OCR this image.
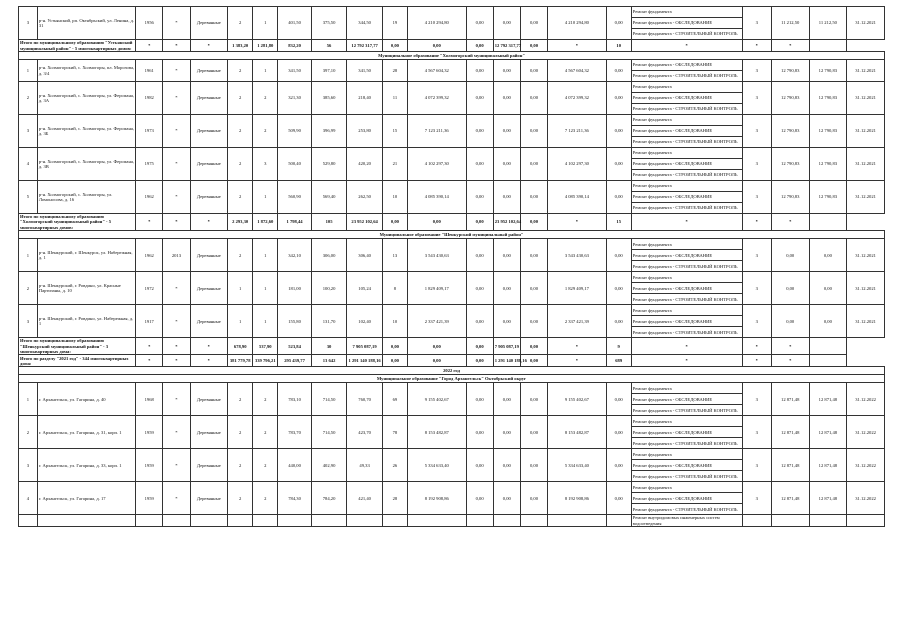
3	р-н. Устьянский, рп. Октябрьский, ул. Ленина, д. 31	1956	*	Деревянные	2	1	401,50	375,50	344,50	19	4 210 294,80	0,00	0,00	0,00	4 210 294,80	0,00	Ремонт фундамента	3	11 212,50	11 212,50	31.12.2021
																	Ремонт фундамента - ОБСЛЕДОВАНИЕ				
																	Ремонт фундамента - СТРОИТЕЛЬНЫЙ КОНТРОЛЬ				
Итого по муниципальному образованию "Устьянский муниципальный район" - 5 многоквартирных домов:		*	*	*	1 383,20	1 281,80	832,20	56	12 792 317,77	0,00	0,00	0,00	12 792 317,77	0,00	*	10	*	*	*		
Муниципальное образование "Холмогорский муниципальный район"																					
1	р-н. Холмогорский, с. Холмогоры, пл. Морозова, д. 3/4	1961	*	Деревянные	2	1	341,50	397,10	341,50	28	4 567 604,32	0,00	0,00	0,00	4 567 604,32	0,00	Ремонт фундамента - ОБСЛЕДОВАНИЕ	3	12 790,83	12 790,83	31.12.2021
																	Ремонт фундамента - СТРОИТЕЛЬНЫЙ КОНТРОЛЬ				
2	р-н. Холмогорский, с. Холмогоры, ул. Ферсмана, д. 3А	1982	*	Деревянные	2	2	321,30	385,60	218,40	11	4 072 399,32	0,00	0,00	0,00	4 072 399,32	0,00	Ремонт фундамента	3	12 790,83	12 790,83	31.12.2021
																	Ремонт фундамента - ОБСЛЕДОВАНИЕ				
																	Ремонт фундамента - СТРОИТЕЛЬНЫЙ КОНТРОЛЬ				
3	р-н. Холмогорский, с. Холмогоры, ул. Ферсмана, д. 3Б	1973	*	Деревянные	2	2	509,90	396,99	253,80	15	7 123 211,36	0,00	0,00	0,00	7 123 211,36	0,00	Ремонт фундамента	3	12 790,83	12 790,83	31.12.2021
																	Ремонт фундамента - ОБСЛЕДОВАНИЕ				
																	Ремонт фундамента - СТРОИТЕЛЬНЫЙ КОНТРОЛЬ				
4	р-н. Холмогорский, с. Холмогоры, ул. Ферсмана, д. 3В	1975	*	Деревянные	2	3	500,40	529,80	420,20	21	4 102 297,30	0,00	0,00	0,00	4 102 297,30	0,00	Ремонт фундамента	3	12 790,83	12 790,83	31.12.2021
																	Ремонт фундамента - ОБСЛЕДОВАНИЕ				
																	Ремонт фундамента - СТРОИТЕЛЬНЫЙ КОНТРОЛЬ				
5	р-н. Холмогорский, с. Холмогоры, ул. Ломоносова, д. 16	1962	*	Деревянные	2	1	560,90	569,40	262,50	10	4 085 390,14	0,00	0,00	0,00	4 085 390,14	0,00	Ремонт фундамента	3	12 790,83	12 790,83	31.12.2021
																	Ремонт фундамента - ОБСЛЕДОВАНИЕ				
																	Ремонт фундамента - СТРОИТЕЛЬНЫЙ КОНТРОЛЬ				
Итого по муниципальному образованию "Холмогорский муниципальный район" - 5 многоквартирных домов:		*	*	*	2 293,30	1 872,60	1 798,44	105	23 952 102,64	0,00	0,00	0,00	23 952 102,64	0,00	*	15	*	*	*		
Муниципальное образование "Шенкурский муниципальный район"																					
1	р-н. Шенкурский, г. Шенкурск, ул. Набережная, д. 1	1962	2013	Деревянные	2	1	342,10	306,00	306,40	13	3 543 430,63	0,00	0,00	0,00	3 543 430,63	0,00	Ремонт фундамента	3	0,00	0,00	31.12.2021
																	Ремонт фундамента - ОБСЛЕДОВАНИЕ				
																	Ремонт фундамента - СТРОИТЕЛЬНЫЙ КОНТРОЛЬ				
2	р-н. Шенкурский, г. Ровдино, ул. Красные Партизаны, д. 10	1972	*	Деревянные	1	1	181,00	100,20	105,24	8	1 829 409,17	0,00	0,00	0,00	1 829 409,17	0,00	Ремонт фундамента	3	0,00	0,00	31.12.2021
																	Ремонт фундамента - ОБСЛЕДОВАНИЕ				
																	Ремонт фундамента - СТРОИТЕЛЬНЫЙ КОНТРОЛЬ				
3	р-н. Шенкурский, г. Ровдино, ул. Набережная, д. 1	1917	*	Деревянные	1	1	155,80	131,70	102,40	10	2 337 421,39	0,00	0,00	0,00	2 337 421,39	0,00	Ремонт фундамента	3	0,00	0,00	31.12.2021
																	Ремонт фундамента - ОБСЛЕДОВАНИЕ				
																	Ремонт фундамента - СТРОИТЕЛЬНЫЙ КОНТРОЛЬ				
Итого по муниципальному образованию "Шенкурский муниципальный район" - 3 многоквартирных дома:		*	*	*	678,90	537,90	523,84	30	7 905 087,19	0,00	0,00	0,00	7 905 087,19	0,00	*	9	*	*	*		
Итого по разделу "2021 год" - 344 многоквартирных дома:		*	*	*	381 779,78	339 796,21	295 439,77	13 642	1 291 140 188,16	0,00	0,00	0,00	1 291 140 188,16	0,00	*	689	*	*	*		
2022 год																					
Муниципальное образование "Город Архангельск" Октябрьский округ																					
1	г. Архангельск, ул. Гагарина, д. 40	1968	*	Деревянные	2	2	783,10	714,50	760,70	69	9 155 402,67	0,00	0,00	0,00	9 155 402,67	0,00	Ремонт фундамента	3	12 871,48	12 871,48	31.12.2022
																	Ремонт фундамента - ОБСЛЕДОВАНИЕ				
																	Ремонт фундамента - СТРОИТЕЛЬНЫЙ КОНТРОЛЬ				
2	г. Архангельск, ул. Гагарина, д. 31, корп. 1	1959	*	Деревянные	2	2	783,70	714,50	423,70	78	8 153 482,87	0,00	0,00	0,00	8 153 482,87	0,00	Ремонт фундамента	3	12 871,48	12 871,48	31.12.2022
																	Ремонт фундамента - ОБСЛЕДОВАНИЕ				
																	Ремонт фундамента - СТРОИТЕЛЬНЫЙ КОНТРОЛЬ				
3	г. Архангельск, ул. Гагарина, д. 33, корп. 1	1959	*	Деревянные	2	2	440,00	402,90	49,33	26	5 334 633,40	0,00	0,00	0,00	5 334 633,40	0,00	Ремонт фундамента	3	12 871,48	12 871,48	31.12.2022
																	Ремонт фундамента - ОБСЛЕДОВАНИЕ				
																	Ремонт фундамента - СТРОИТЕЛЬНЫЙ КОНТРОЛЬ				
4	г. Архангельск, ул. Гагарина, д. 17	1959	*	Деревянные	2	2	784,30	784,20	421,40	28	8 192 908,86	0,00	0,00	0,00	8 192 908,86	0,00	Ремонт фундамента	3	12 871,48	12 871,48	31.12.2022
																	Ремонт фундамента - ОБСЛЕДОВАНИЕ				
																	Ремонт фундамента - СТРОИТЕЛЬНЫЙ КОНТРОЛЬ				
																	Ремонт внутридомовых инженерных систем водоотведения				
